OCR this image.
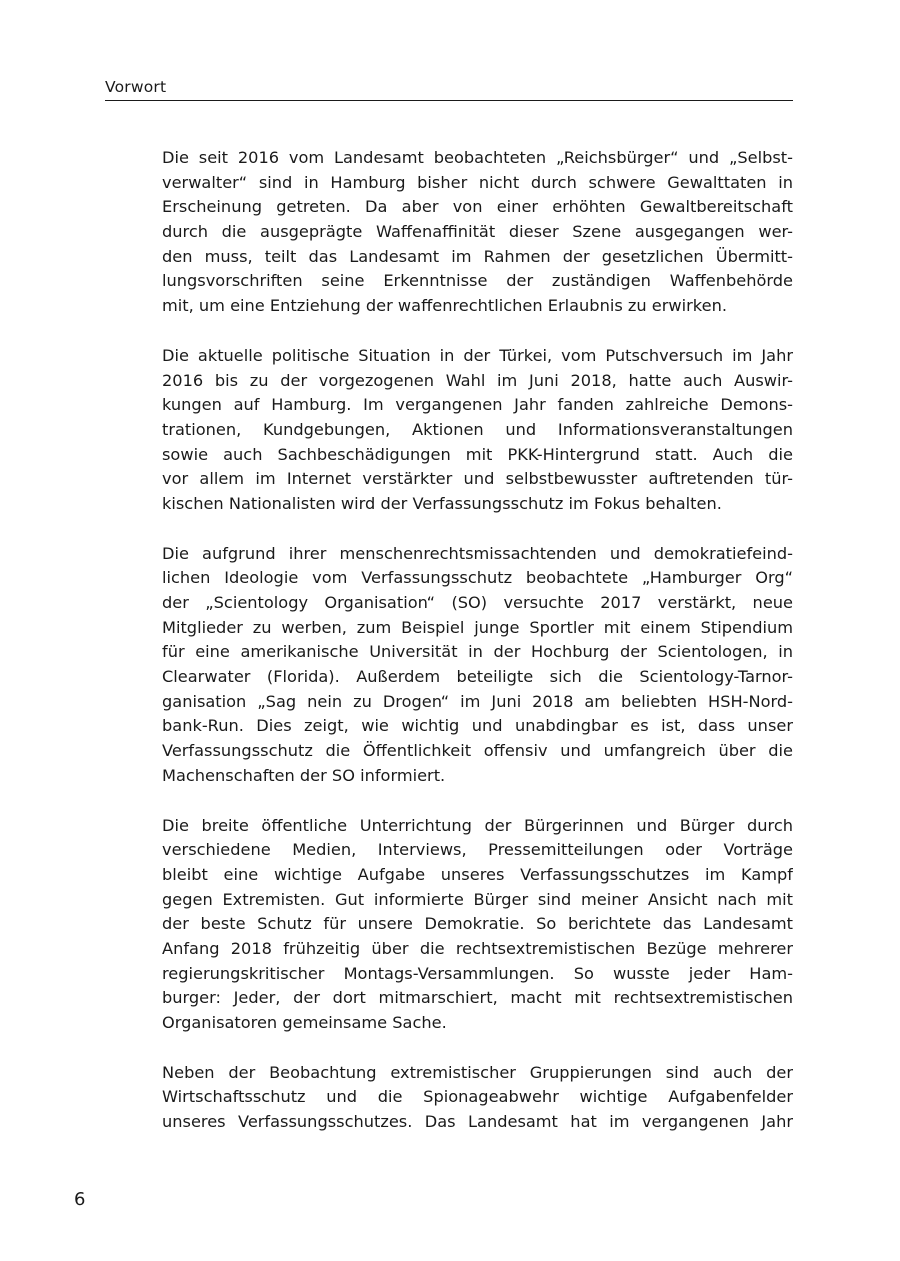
Vorwort

Die seit 2016 vom Landesamt beobachteten „Reichsbürger“ und „Selbst-
verwalter“ sind in Hamburg bisher nicht durch schwere Gewalttaten in
Erscheinung getreten. Da aber von einer erhöhten Gewaltbereitschaft
durch die ausgeprägte Waffenaffinität dieser Szene ausgegangen wer-
den muss, teilt das Landesamt im Rahmen der gesetzlichen Übermitt-
lungsvorschriften seine Erkenntnisse der zuständigen Waffenbehörde
mit, um eine Entziehung der waffenrechtlichen Erlaubnis zu erwirken.

Die aktuelle politische Situation in der Türkei, vom Putschversuch im Jahr
2016 bis zu der vorgezogenen Wahl im Juni 2018, hatte auch Auswir-
kungen auf Hamburg. Im vergangenen Jahr fanden zahlreiche Demons-
trationen, Kundgebungen, Aktionen und Informationsveranstaltungen
sowie auch Sachbeschädigungen mit PKK-Hintergrund statt. Auch die
vor allem im Internet verstärkter und selbstbewusster auftretenden tür-
kischen Nationalisten wird der Verfassungsschutz im Fokus behalten.

Die aufgrund ihrer menschenrechtsmissachtenden und demokratiefeind-
lichen Ideologie vom Verfassungsschutz beobachtete „Hamburger Org“
der „Scientology Organisation“ (SO) versuchte 2017 verstärkt, neue
Mitglieder zu werben, zum Beispiel junge Sportler mit einem Stipendium
für eine amerikanische Universität in der Hochburg der Scientologen, in
Clearwater (Florida). Außerdem beteiligte sich die Scientology-Tarnor-
ganisation „Sag nein zu Drogen“ im Juni 2018 am beliebten HSH-Nord-
bank-Run. Dies zeigt, wie wichtig und unabdingbar es ist, dass unser
Verfassungsschutz die Öffentlichkeit offensiv und umfangreich über die
Machenschaften der SO informiert.

Die breite öffentliche Unterrichtung der Bürgerinnen und Bürger durch
verschiedene Medien, Interviews, Pressemitteilungen oder Vorträge
bleibt eine wichtige Aufgabe unseres Verfassungsschutzes im Kampf
gegen Extremisten. Gut informierte Bürger sind meiner Ansicht nach mit
der beste Schutz für unsere Demokratie. So berichtete das Landesamt
Anfang 2018 frühzeitig über die rechtsextremistischen Bezüge mehrerer
regierungskritischer Montags-Versammlungen. So wusste jeder Ham-
burger: Jeder, der dort mitmarschiert, macht mit rechtsextremistischen
Organisatoren gemeinsame Sache.

Neben der Beobachtung extremistischer Gruppierungen sind auch der
Wirtschaftsschutz und die Spionageabwehr wichtige Aufgabenfelder
unseres Verfassungsschutzes. Das Landesamt hat im vergangenen Jahr

6
